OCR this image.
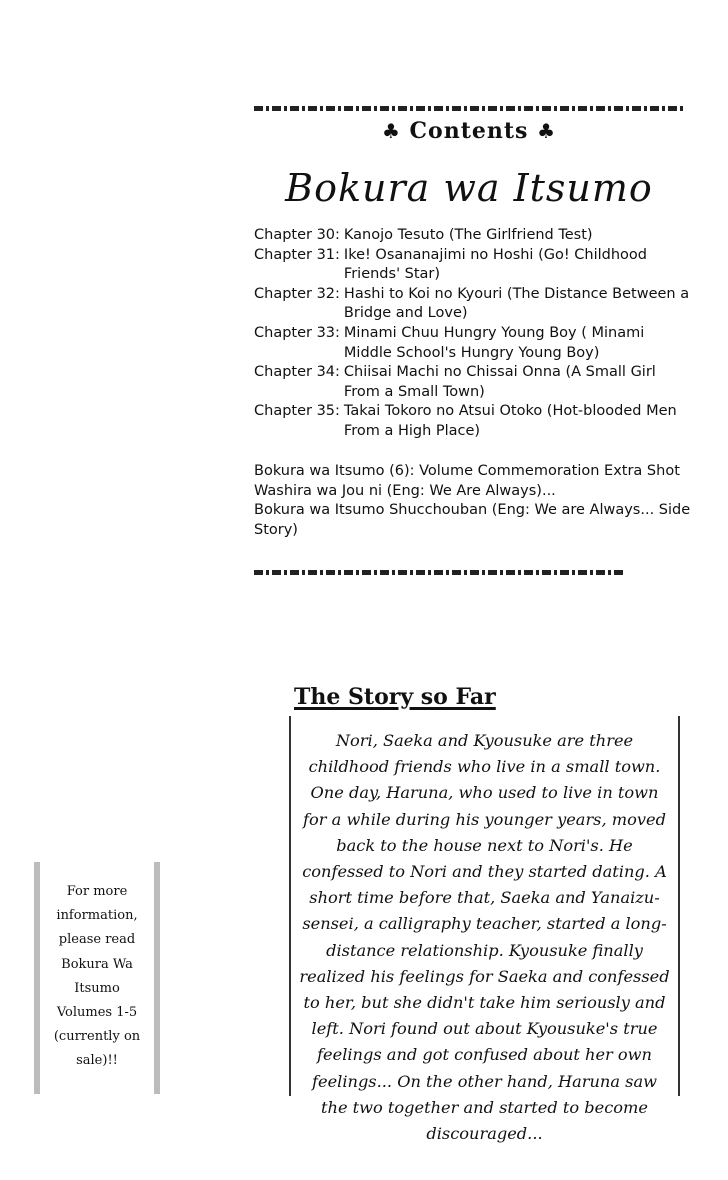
♣ Contents ♣
Bokura wa Itsumo
Chapter 30: Kanojo Tesuto (The Girlfriend Test)
Chapter 31: Ike! Osananajimi no Hoshi (Go! Childhood Friends' Star)
Chapter 32: Hashi to Koi no Kyouri (The Distance Between a Bridge and Love)
Chapter 33: Minami Chuu Hungry Young Boy ( Minami Middle School's Hungry Young Boy)
Chapter 34: Chiisai Machi no Chissai Onna (A Small Girl From a Small Town)
Chapter 35: Takai Tokoro no Atsui Otoko (Hot-blooded Men From a High Place)

Bokura wa Itsumo (6): Volume Commemoration Extra Shot Washira wa Jou ni (Eng: We Are Always)...

Bokura wa Itsumo Shucchouban (Eng: We are Always... Side Story)

The Story so Far
Nori, Saeka and Kyousuke are three childhood friends who live in a small town. One day, Haruna, who used to live in town for a while during his younger years, moved back to the house next to Nori's. He confessed to Nori and they started dating. A short time before that, Saeka and Yanaizu-sensei, a calligraphy teacher, started a long-distance relationship. Kyousuke finally realized his feelings for Saeka and confessed to her, but she didn't take him seriously and left. Nori found out about Kyousuke's true feelings and got confused about her own feelings... On the other hand, Haruna saw the two together and started to become discouraged...
For more information, please read Bokura Wa Itsumo Volumes 1-5 (currently on sale)!!
